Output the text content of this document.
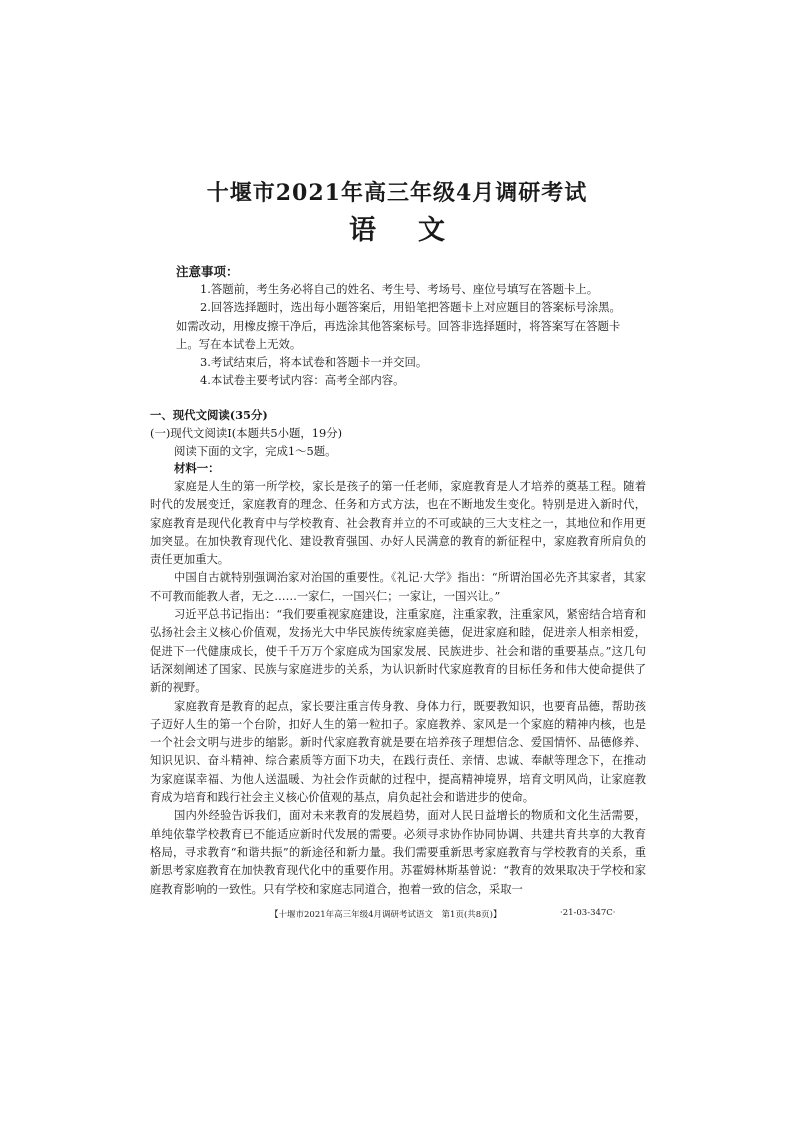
十堰市2021年高三年级4月调研考试
语文
注意事项：

1.答题前，考生务必将自己的姓名、考生号、考场号、座位号填写在答题卡上。

2.回答选择题时，选出每小题答案后，用铅笔把答题卡上对应题目的答案标号涂黑。如需改动，用橡皮擦干净后，再选涂其他答案标号。回答非选择题时，将答案写在答题卡上。写在本试卷上无效。

3.考试结束后，将本试卷和答题卡一并交回。

4.本试卷主要考试内容：高考全部内容。

一、现代文阅读(35分)

(一)现代文阅读Ⅰ(本题共5小题，19分)

阅读下面的文字，完成1～5题。

材料一：

家庭是人生的第一所学校，家长是孩子的第一任老师，家庭教育是人才培养的奠基工程。随着时代的发展变迁，家庭教育的理念、任务和方式方法，也在不断地发生变化。特别是进入新时代，家庭教育是现代化教育中与学校教育、社会教育并立的不可或缺的三大支柱之一，其地位和作用更加突显。在加快教育现代化、建设教育强国、办好人民满意的教育的新征程中，家庭教育所肩负的责任更加重大。

中国自古就特别强调治家对治国的重要性。《礼记·大学》指出：“所谓治国必先齐其家者，其家不可教而能教人者，无之……一家仁，一国兴仁；一家让，一国兴让。”

习近平总书记指出：“我们要重视家庭建设，注重家庭，注重家教，注重家风，紧密结合培育和弘扬社会主义核心价值观，发扬光大中华民族传统家庭美德，促进家庭和睦，促进亲人相亲相爱，促进下一代健康成长，使千千万万个家庭成为国家发展、民族进步、社会和谐的重要基点。”这几句话深刻阐述了国家、民族与家庭进步的关系，为认识新时代家庭教育的目标任务和伟大使命提供了新的视野。

家庭教育是教育的起点，家长要注重言传身教、身体力行，既要教知识，也要育品德，帮助孩子迈好人生的第一个台阶，扣好人生的第一粒扣子。家庭教养、家风是一个家庭的精神内核，也是一个社会文明与进步的缩影。新时代家庭教育就是要在培养孩子理想信念、爱国情怀、品德修养、知识见识、奋斗精神、综合素质等方面下功夫，在践行责任、亲情、忠诚、奉献等理念下，在推动为家庭谋幸福、为他人送温暖、为社会作贡献的过程中，提高精神境界，培育文明风尚，让家庭教育成为培育和践行社会主义核心价值观的基点，肩负起社会和谐进步的使命。

国内外经验告诉我们，面对未来教育的发展趋势，面对人民日益增长的物质和文化生活需要，单纯依靠学校教育已不能适应新时代发展的需要。必须寻求协作协同协调、共建共育共享的大教育格局，寻求教育“和谐共振”的新途径和新力量。我们需要重新思考家庭教育与学校教育的关系，重新思考家庭教育在加快教育现代化中的重要作用。苏霍姆林斯基曾说：“教育的效果取决于学校和家庭教育影响的一致性。只有学校和家庭志同道合，抱着一致的信念，采取一

【十堰市2021年高三年级4月调研考试语文　第1页(共8页)】	·21-03-347C·
